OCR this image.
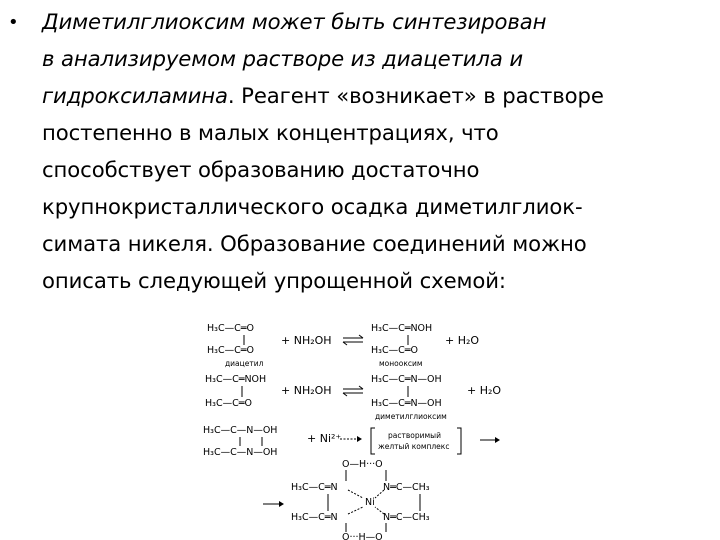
• Диметилглиоксим может быть синтезирован
в анализируемом растворе из диацетила и
гидроксиламина. Реагент «возникает» в растворе
постепенно в малых концентрациях, что
способствует образованию достаточно
крупнокристаллического осадка диметилглиок-
симата никеля. Образование соединений можно
описать следующей упрощенной схемой:
H₃C—C═O
H₃C—C═O
диацетил
+ NH₂OH
H₃C—C═NOH
H₃C—C═O
монооксим
+ H₂O
H₃C—C═NOH
H₃C—C═O
+ NH₂OH
H₃C—C═N—OH
H₃C—C═N—OH
диметилглиоксим
+ H₂O
H₃C—C—N—OH
H₃C—C—N—OH
+ Ni²⁺	растворимый
желтый комплекс
O—H···O
H₃C—C═N	N═C—CH₃
Ni
H₃C—C═N	N═C—CH₃
O···H—O
